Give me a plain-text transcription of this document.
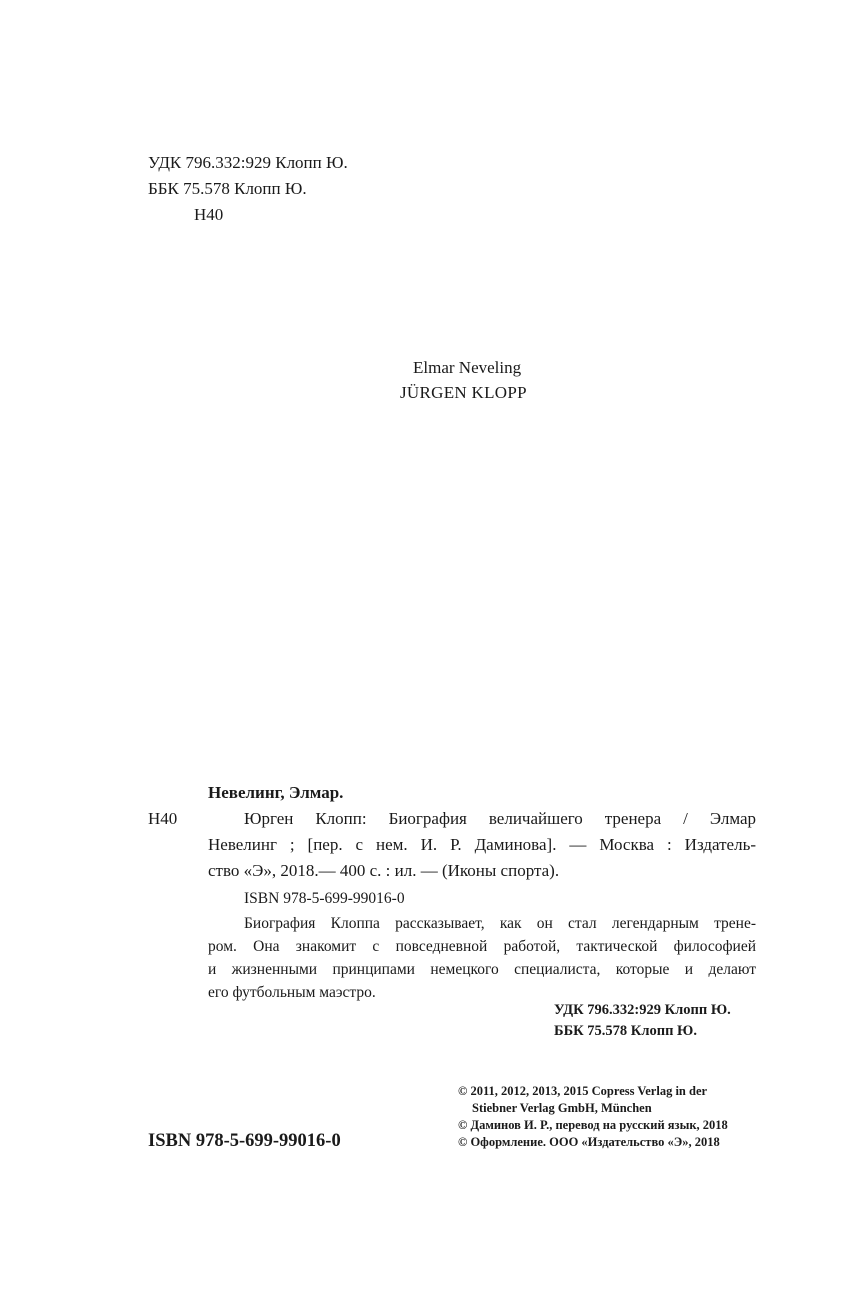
УДК 796.332:929 Клопп Ю.
ББК 75.578 Клопп Ю.
Н40
Elmar Neveling
JÜRGEN KLOPP
Невелинг, Элмар.
Н40	Юрген Клопп: Биография величайшего тренера / Элмар
Невелинг ; [пер. с нем. И. Р. Даминова]. — Москва : Издатель-
ство «Э», 2018.— 400 с. : ил. — (Иконы спорта).
ISBN 978-5-699-99016-0
Биография Клоппа рассказывает, как он стал легендарным трене-
ром. Она знакомит с повседневной работой, тактической философией
и жизненными принципами немецкого специалиста, которые и делают
его футбольным маэстро.
УДК 796.332:929 Клопп Ю.
ББК 75.578 Клопп Ю.
ISBN 978-5-699-99016-0
© 2011, 2012, 2013, 2015 Copress Verlag in der
Stiebner Verlag GmbH, München
© Даминов И. Р., перевод на русский язык, 2018
© Оформление. ООО «Издательство «Э», 2018
